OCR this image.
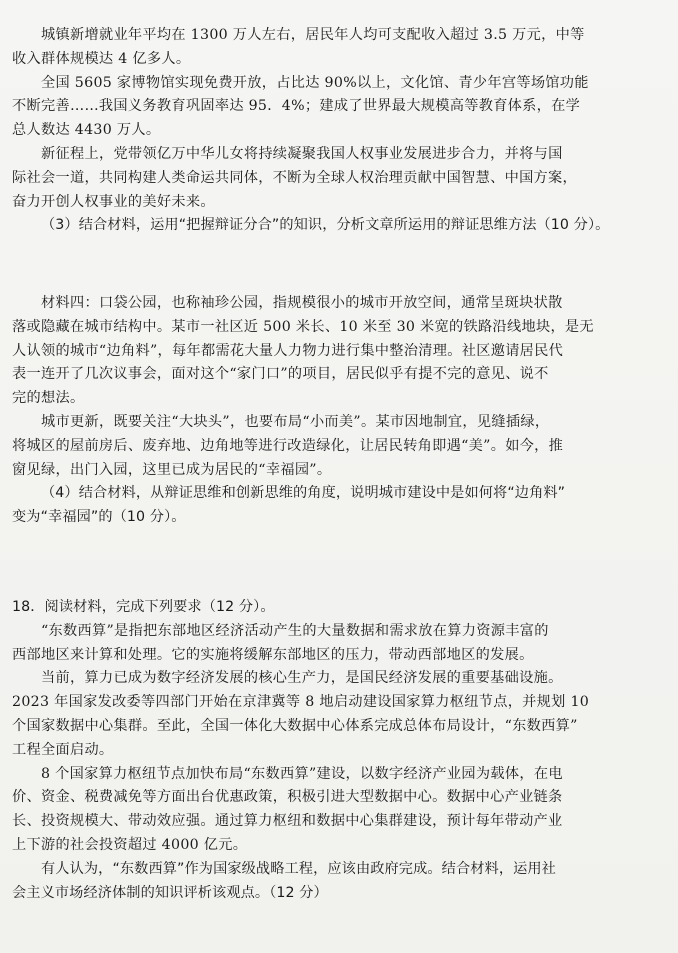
城镇新增就业年平均在 1300 万人左右，居民年人均可支配收入超过 3.5 万元，中等
收入群体规模达 4 亿多人。
全国 5605 家博物馆实现免费开放，占比达 90%以上，文化馆、青少年宫等场馆功能
不断完善……我国义务教育巩固率达 95．4%；建成了世界最大规模高等教育体系，在学
总人数达 4430 万人。
新征程上，党带领亿万中华儿女将持续凝聚我国人权事业发展进步合力，并将与国
际社会一道，共同构建人类命运共同体，不断为全球人权治理贡献中国智慧、中国方案，
奋力开创人权事业的美好未来。
（3）结合材料，运用“把握辩证分合”的知识，分析文章所运用的辩证思维方法（10 分）。
材料四：口袋公园，也称袖珍公园，指规模很小的城市开放空间，通常呈斑块状散
落或隐藏在城市结构中。某市一社区近 500 米长、10 米至 30 米宽的铁路沿线地块，是无
人认领的城市“边角料”，每年都需花大量人力物力进行集中整治清理。社区邀请居民代
表一连开了几次议事会，面对这个“家门口”的项目，居民似乎有提不完的意见、说不
完的想法。
城市更新，既要关注“大块头”，也要布局“小而美”。某市因地制宜，见缝插绿，
将城区的屋前房后、废弃地、边角地等进行改造绿化，让居民转角即遇“美”。如今，推
窗见绿，出门入园，这里已成为居民的“幸福园”。
（4）结合材料，从辩证思维和创新思维的角度，说明城市建设中是如何将“边角料”
变为“幸福园”的（10 分）。
18．阅读材料，完成下列要求（12 分）。
“东数西算”是指把东部地区经济活动产生的大量数据和需求放在算力资源丰富的
西部地区来计算和处理。它的实施将缓解东部地区的压力，带动西部地区的发展。
当前，算力已成为数字经济发展的核心生产力，是国民经济发展的重要基础设施。
2023 年国家发改委等四部门开始在京津冀等 8 地启动建设国家算力枢纽节点，并规划 10
个国家数据中心集群。至此，全国一体化大数据中心体系完成总体布局设计，“东数西算”
工程全面启动。
8 个国家算力枢纽节点加快布局“东数西算”建设，以数字经济产业园为载体，在电
价、资金、税费减免等方面出台优惠政策，积极引进大型数据中心。数据中心产业链条
长、投资规模大、带动效应强。通过算力枢纽和数据中心集群建设，预计每年带动产业
上下游的社会投资超过 4000 亿元。
有人认为，“东数西算”作为国家级战略工程，应该由政府完成。结合材料，运用社
会主义市场经济体制的知识评析该观点。（12 分）
